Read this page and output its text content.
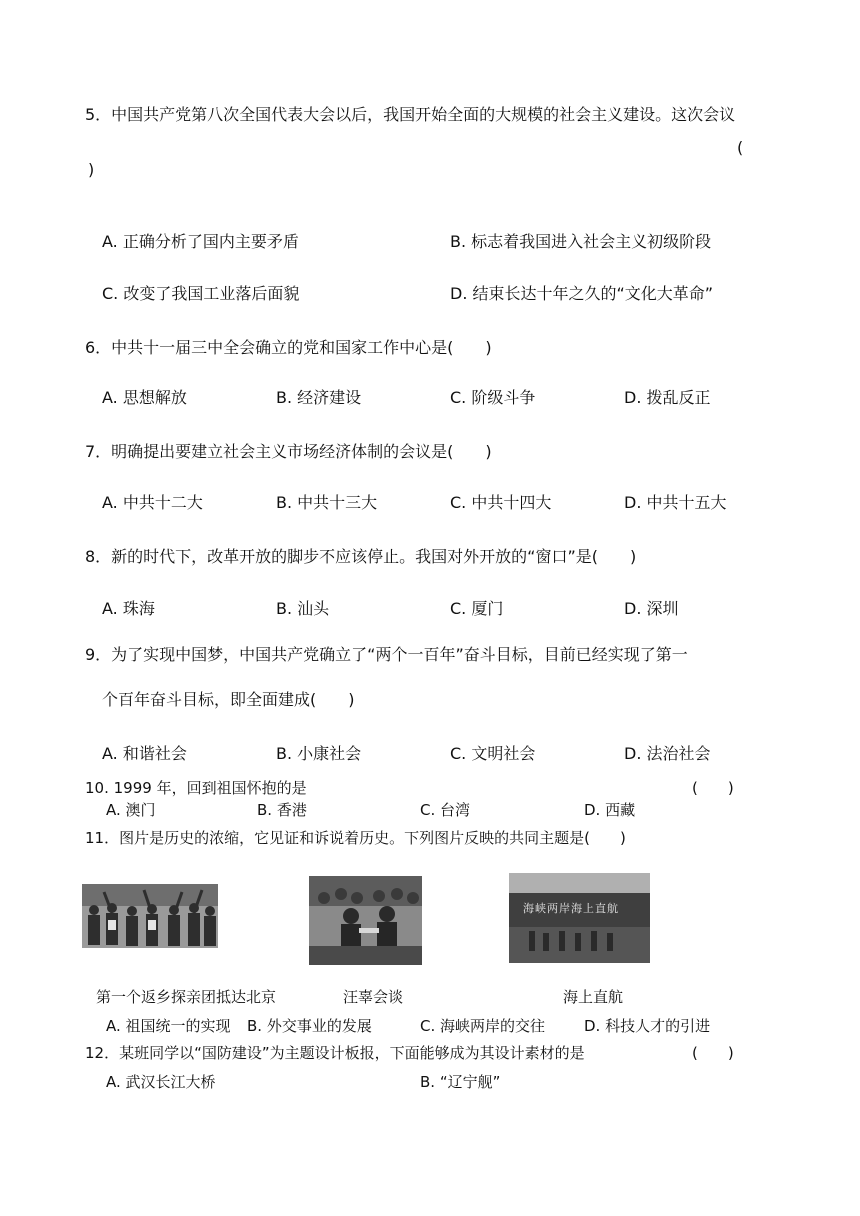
5．中国共产党第八次全国代表大会以后，我国开始全面的大规模的社会主义建设。这次会议
(
)
A. 正确分析了国内主要矛盾	B. 标志着我国进入社会主义初级阶段
C. 改变了我国工业落后面貌	D. 结束长达十年之久的“文化大革命”
6．中共十一届三中全会确立的党和国家工作中心是(　　)
A. 思想解放	B. 经济建设	C. 阶级斗争	D. 拨乱反正
7．明确提出要建立社会主义市场经济体制的会议是(　　)
A. 中共十二大	B. 中共十三大	C. 中共十四大	D. 中共十五大
8．新的时代下，改革开放的脚步不应该停止。我国对外开放的“窗口”是(　　)
A. 珠海	B. 汕头	C. 厦门	D. 深圳
9．为了实现中国梦，中国共产党确立了“两个一百年”奋斗目标，目前已经实现了第一
个百年奋斗目标，即全面建成(　　)
A. 和谐社会	B. 小康社会	C. 文明社会	D. 法治社会
10. 1999 年，回到祖国怀抱的是	(　　)
A. 澳门	B. 香港	C. 台湾	D. 西藏
11．图片是历史的浓缩，它见证和诉说着历史。下列图片反映的共同主题是(　　)
海峡两岸海上直航
第一个返乡探亲团抵达北京	汪辜会谈	海上直航
A. 祖国统一的实现 B. 外交事业的发展	C. 海峡两岸的交往	D. 科技人才的引进
12．某班同学以“国防建设”为主题设计板报，下面能够成为其设计素材的是	(　　)
A. 武汉长江大桥	B. “辽宁舰”
